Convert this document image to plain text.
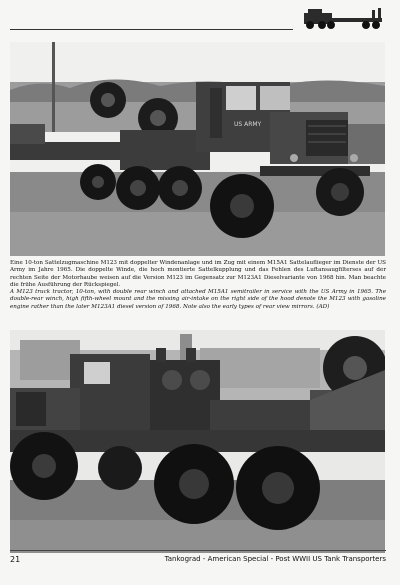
US ARMY

Eine 10-ton Sattelzugmaschine M123 mit doppelter Windenanlage und im Zug mit einem M15A1 Sattelauflieger im Dienste der US Army im Jahre 1965. Die doppelte Winde, die hoch montierte Sattelkupplung und das Fehlen des Luftansaugfilterses auf der rechten Seite der Motorhaube weisen auf die Version M123 im Gegensatz zur M123A1 Dieselvariante von 1968 hin. Man beachte die frühe Ausführung der Rückspiegel.

A M123 truck tractor, 10-ton, with double rear winch and attached M15A1 semitrailer in service with the US Army in 1965. The double-rear winch, high fifth-wheel mount and the missing air-intake on the right side of the hood denote the M123 with gasoline engine rather than the later M123A1 diesel version of 1968. Note also the early types of rear view mirrors. (AD)

21	Tankograd - American Special - Post WWII US Tank Transporters
